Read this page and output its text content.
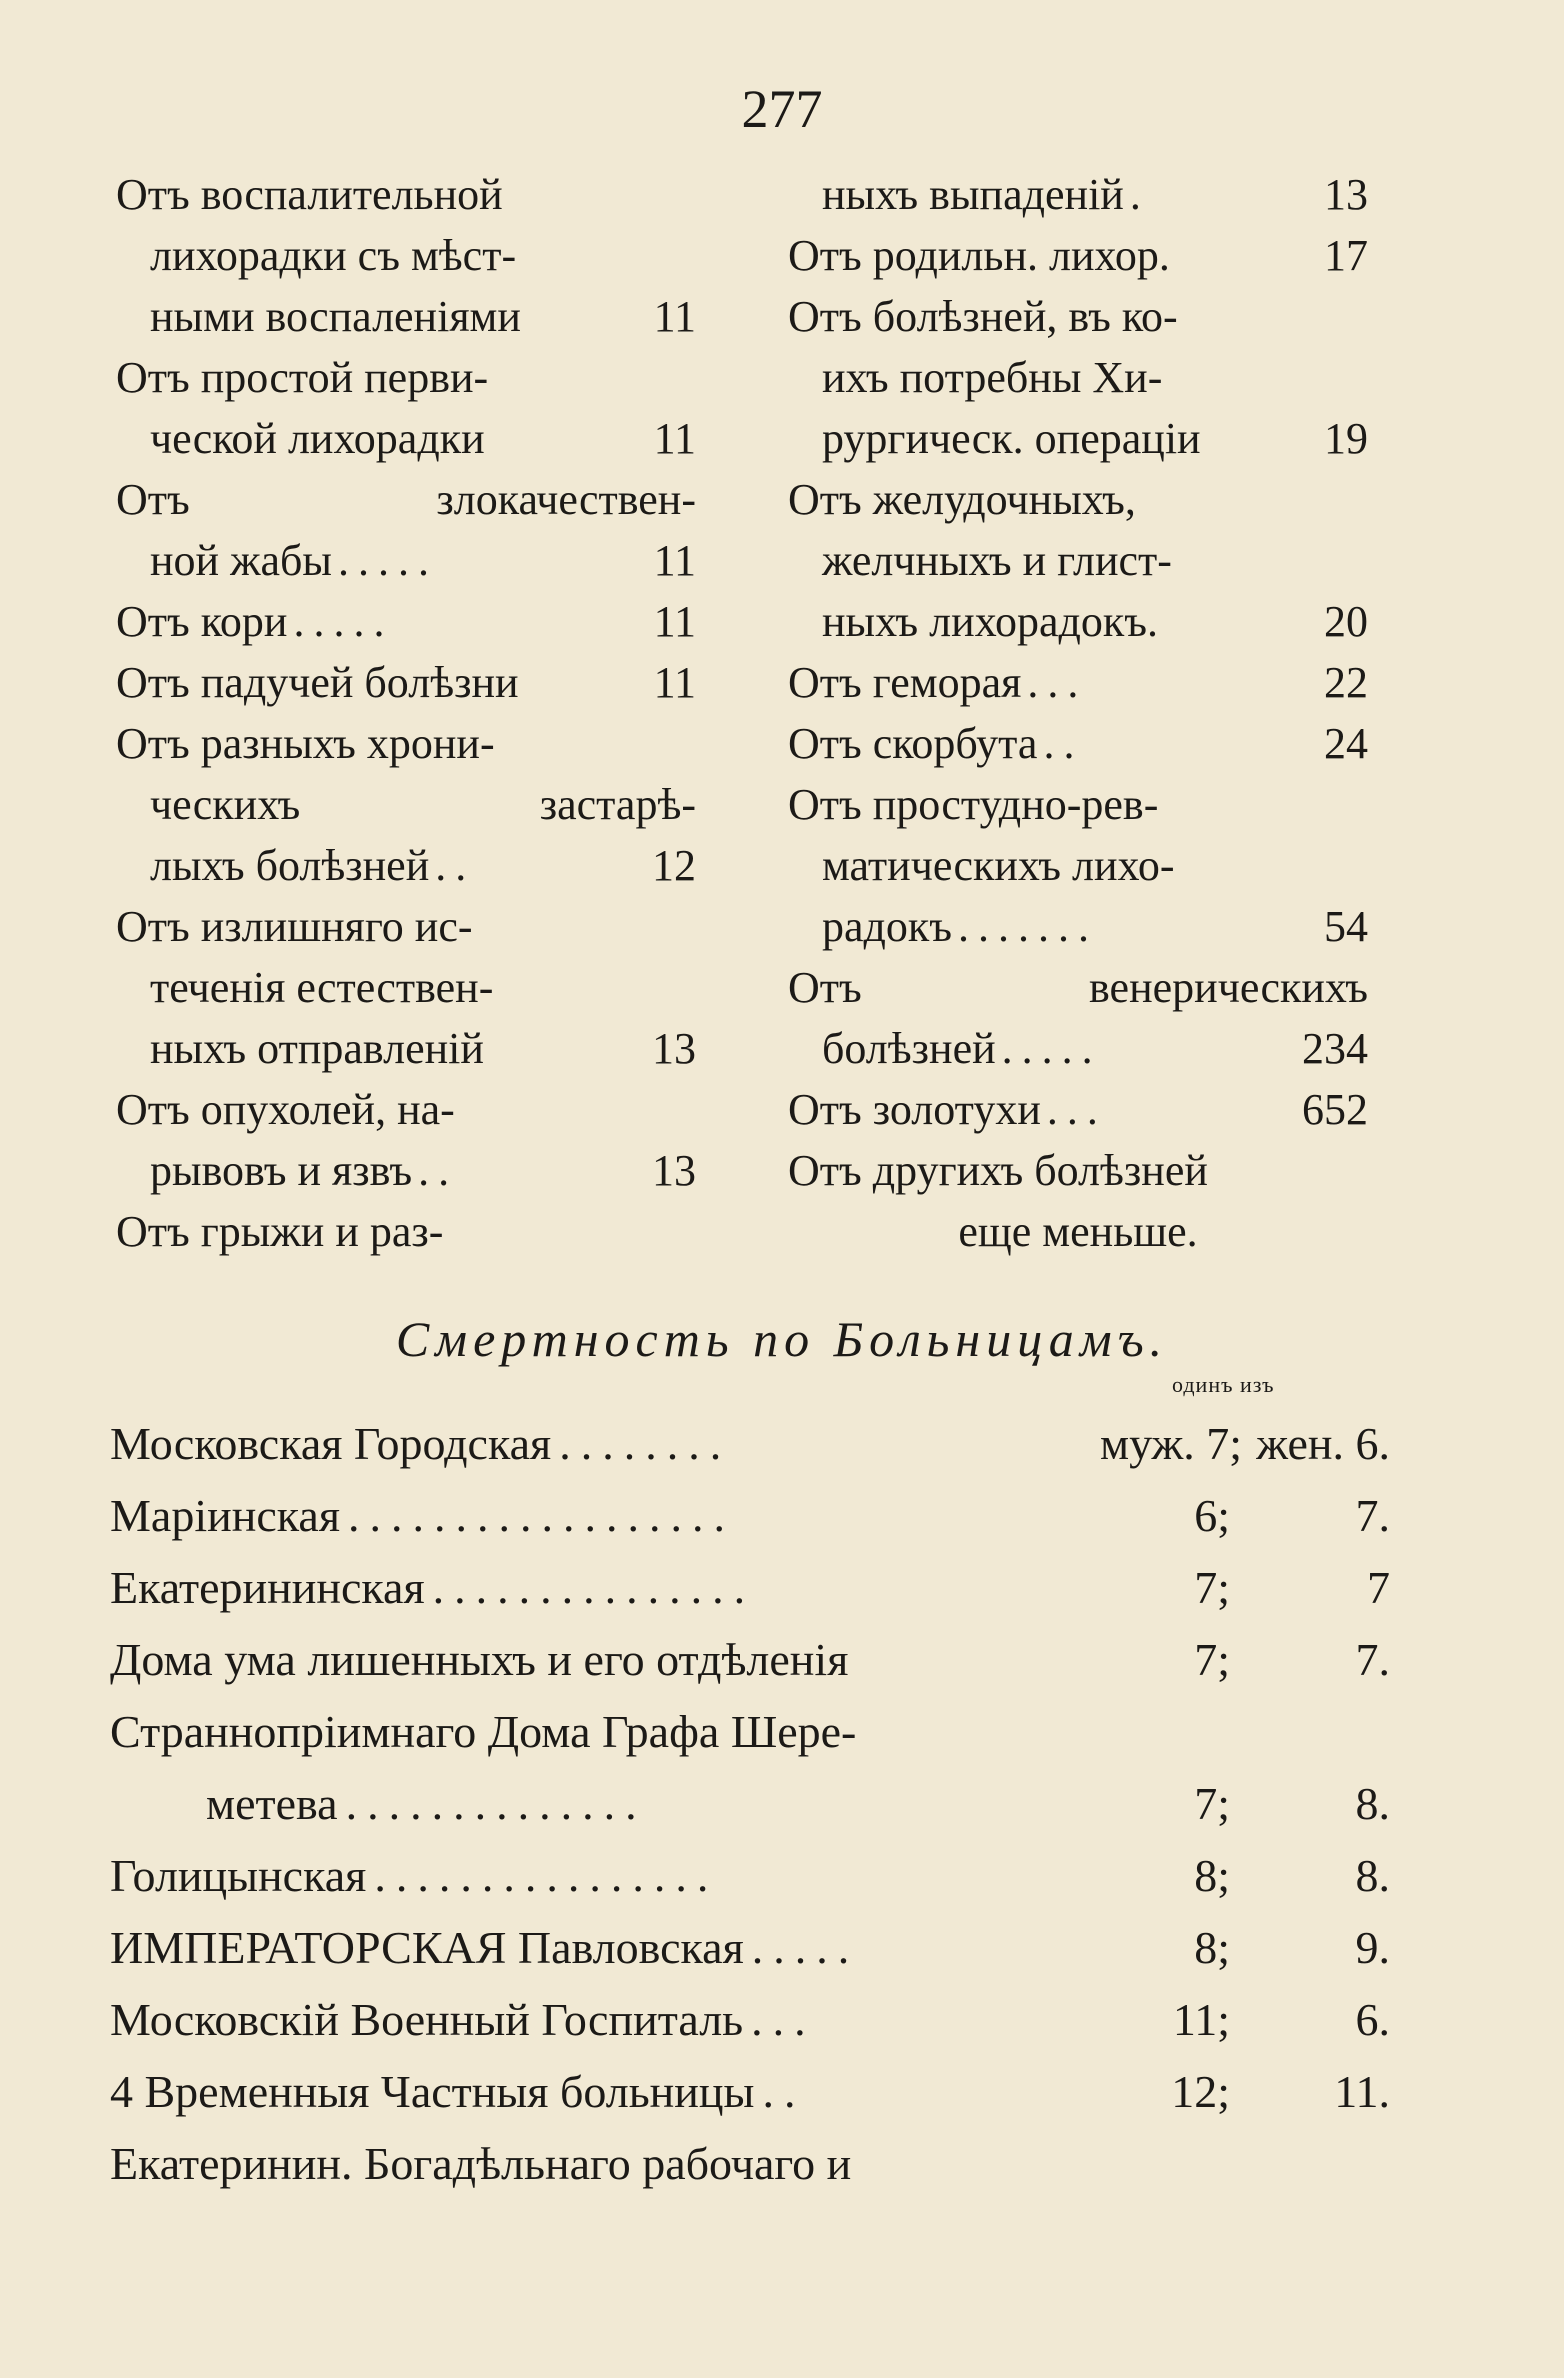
277
Отъ воспалительной
лихорадки съ мѣст-
ными воспаленіями	11
Отъ простой перви-
ческой лихорадки	11
Отъ злокачествен-
ной жабы .....	11
Отъ кори .....	11
Отъ падучей болѣзни	11
Отъ разныхъ хрони-
ческихъ застарѣ-
лыхъ болѣзней ..	12
Отъ излишняго ис-
теченія естествен-
ныхъ отправленій	13
Отъ опухолей, на-
рывовъ и язвъ ..	13
Отъ грыжи и раз-
ныхъ выпаденій .	13
Отъ родильн. лихор.	17
Отъ болѣзней, въ ко-
ихъ потребны Хи-
рургическ. операціи	19
Отъ желудочныхъ,
желчныхъ и глист-
ныхъ лихорадокъ.	20
Отъ геморая ...	22
Отъ скорбута ..	24
Отъ простудно-рев-
матическихъ лихо-
радокъ .......	54
Отъ венерическихъ
болѣзней .....	234
Отъ золотухи ...	652
Отъ другихъ болѣзней
еще меньше.
Смертность по Больницамъ.
одинъ изъ
Московская Городская ........	муж. 7; жен. 6.
Маріинская ..................	6;	7.
Екатерининская ...............	7;	7
Дома ума лишенныхъ и его отдѣленія	7;	7.
Страннопріимнаго Дома Графа Шере-
метева ..............	7;	8.
Голицынская ................	8;	8.
ИМПЕРАТОРСКАЯ Павловская .....	8;	9.
Московскій Военный Госпиталь ...	11;	6.
4 Временныя Частныя больницы ..	12;	11.
Екатеринин. Богадѣльнаго рабочаго и
